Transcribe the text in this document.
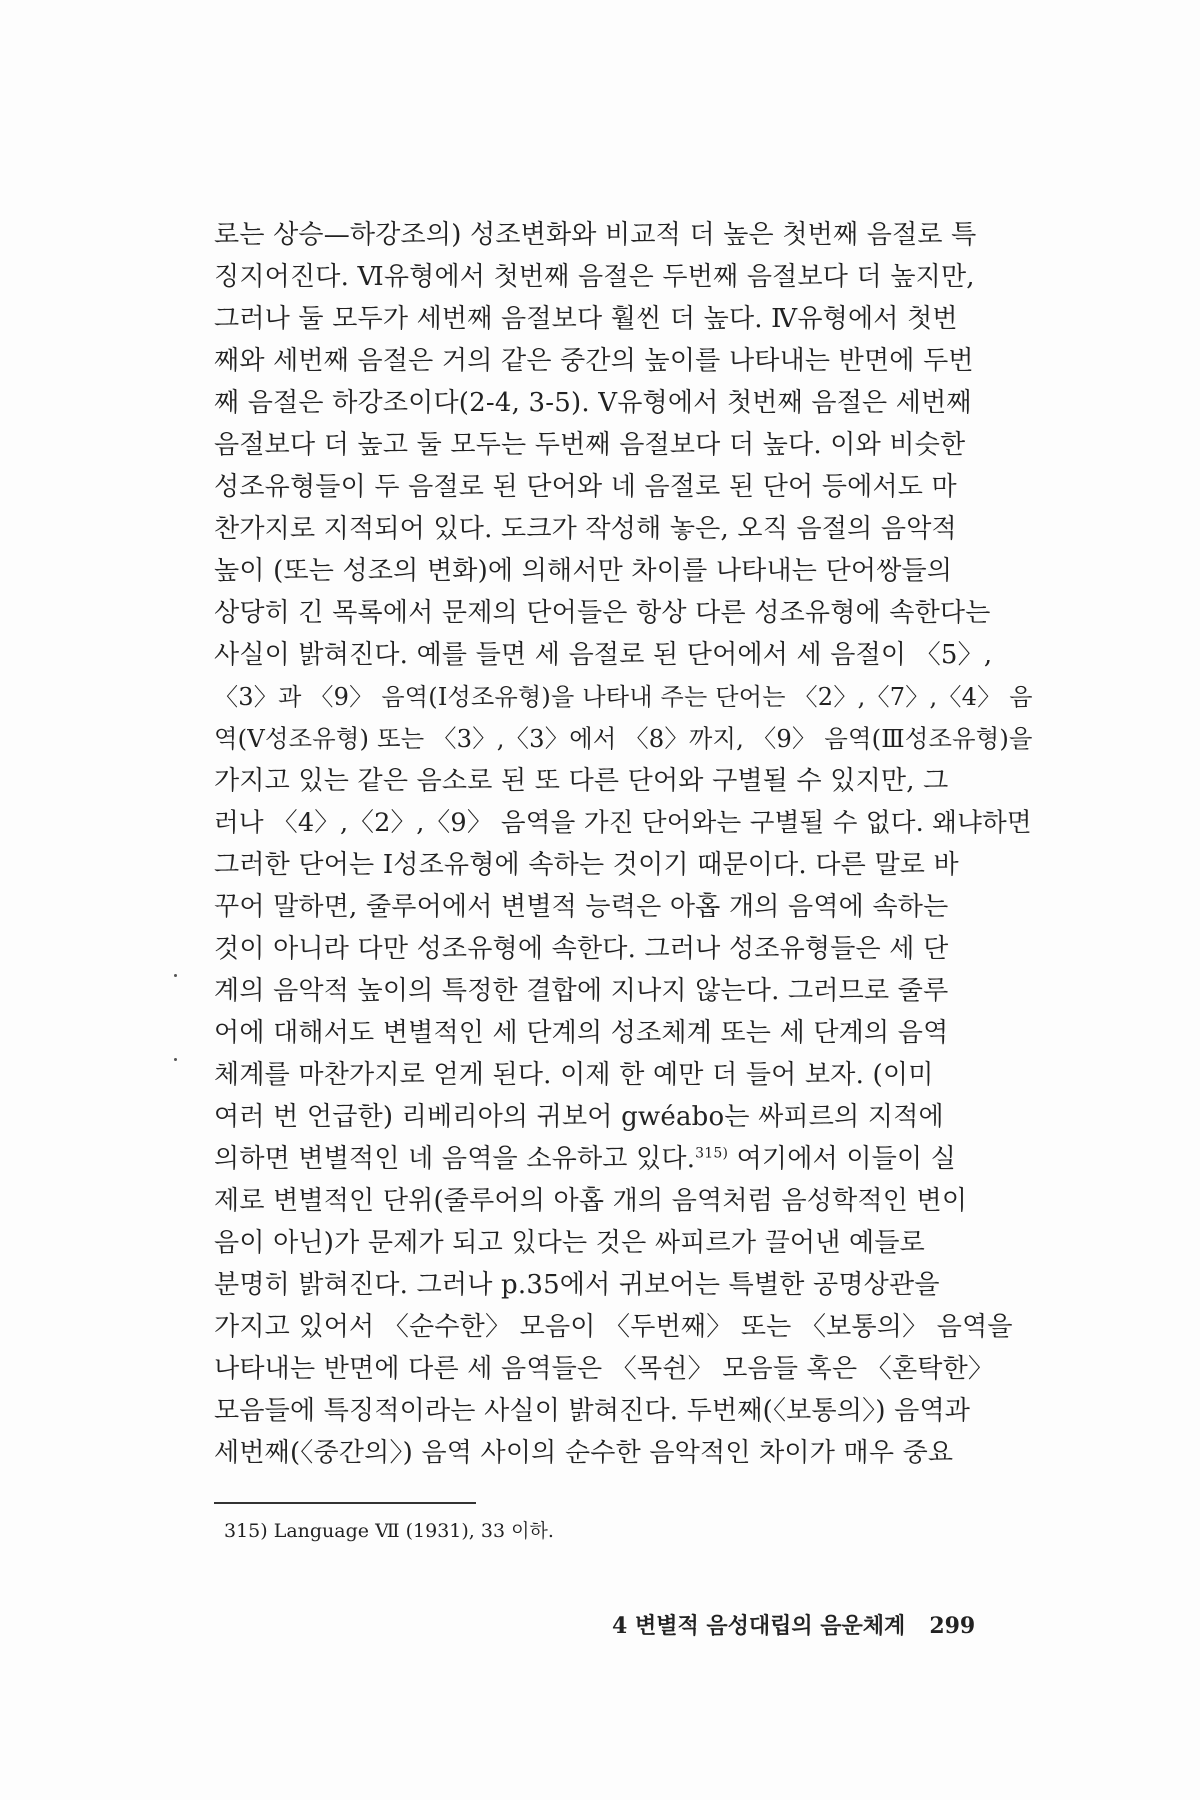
로는 상승—하강조의) 성조변화와 비교적 더 높은 첫번째 음절로 특
징지어진다. Ⅵ유형에서 첫번째 음절은 두번째 음절보다 더 높지만,
그러나 둘 모두가 세번째 음절보다 훨씬 더 높다. Ⅳ유형에서 첫번
째와 세번째 음절은 거의 같은 중간의 높이를 나타내는 반면에 두번
째 음절은 하강조이다(2-4, 3-5). Ⅴ유형에서 첫번째 음절은 세번째
음절보다 더 높고 둘 모두는 두번째 음절보다 더 높다. 이와 비슷한
성조유형들이 두 음절로 된 단어와 네 음절로 된 단어 등에서도 마
찬가지로 지적되어 있다. 도크가 작성해 놓은, 오직 음절의 음악적
높이 (또는 성조의 변화)에 의해서만 차이를 나타내는 단어쌍들의
상당히 긴 목록에서 문제의 단어들은 항상 다른 성조유형에 속한다는
사실이 밝혀진다. 예를 들면 세 음절로 된 단어에서 세 음절이 〈5〉,
〈3〉과 〈9〉 음역(Ⅰ성조유형)을 나타내 주는 단어는 〈2〉,〈7〉,〈4〉 음
역(Ⅴ성조유형) 또는 〈3〉,〈3〉에서 〈8〉까지, 〈9〉 음역(Ⅲ성조유형)을
가지고 있는 같은 음소로 된 또 다른 단어와 구별될 수 있지만, 그
러나 〈4〉,〈2〉,〈9〉 음역을 가진 단어와는 구별될 수 없다. 왜냐하면
그러한 단어는 Ⅰ성조유형에 속하는 것이기 때문이다. 다른 말로 바
꾸어 말하면, 줄루어에서 변별적 능력은 아홉 개의 음역에 속하는
것이 아니라 다만 성조유형에 속한다. 그러나 성조유형들은 세 단
계의 음악적 높이의 특정한 결합에 지나지 않는다. 그러므로 줄루
어에 대해서도 변별적인 세 단계의 성조체계 또는 세 단계의 음역
체계를 마찬가지로 얻게 된다. 이제 한 예만 더 들어 보자. (이미
여러 번 언급한) 리베리아의 귀보어 gwéabo는 싸피르의 지적에
의하면 변별적인 네 음역을 소유하고 있다.$^{315)}$ 여기에서 이들이 실
제로 변별적인 단위(줄루어의 아홉 개의 음역처럼 음성학적인 변이
음이 아닌)가 문제가 되고 있다는 것은 싸피르가 끌어낸 예들로
분명히 밝혀진다. 그러나 p.35에서 귀보어는 특별한 공명상관을
가지고 있어서 〈순수한〉 모음이 〈두번째〉 또는 〈보통의〉 음역을
나타내는 반면에 다른 세 음역들은 〈목쉰〉 모음들 혹은 〈혼탁한〉
모음들에 특징적이라는 사실이 밝혀진다. 두번째(〈보통의〉) 음역과
세번째(〈중간의〉) 음역 사이의 순수한 음악적인 차이가 매우 중요
315) Language Ⅶ (1931), 33 이하.
4 변별적 음성대립의 음운체계 299
